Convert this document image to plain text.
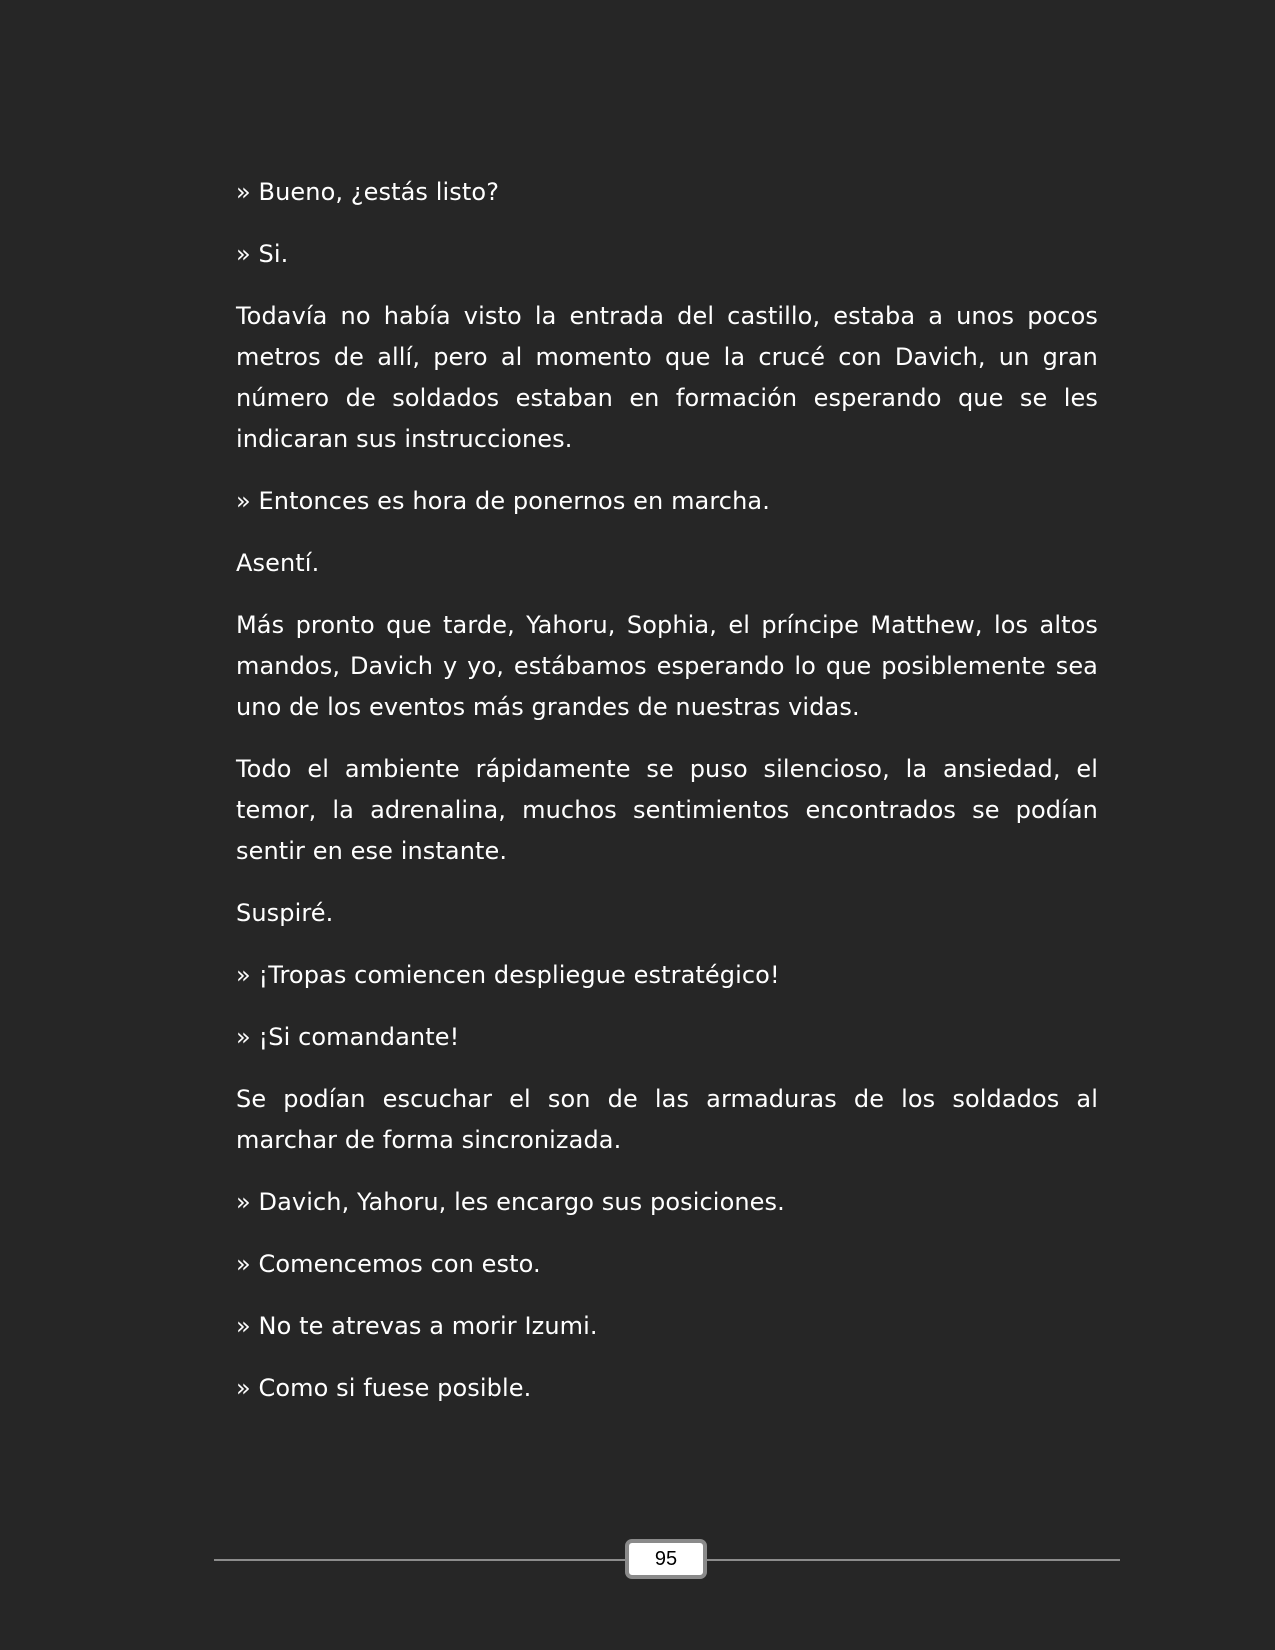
» Bueno, ¿estás listo?

» Si.

Todavía no había visto la entrada del castillo, estaba a unos pocos metros de allí, pero al momento que la crucé con Davich, un gran número de soldados estaban en formación esperando que se les indicaran sus instrucciones.

» Entonces es hora de ponernos en marcha.

Asentí.

Más pronto que tarde, Yahoru, Sophia, el príncipe Matthew, los altos mandos, Davich y yo, estábamos esperando lo que posiblemente sea uno de los eventos más grandes de nuestras vidas.

Todo el ambiente rápidamente se puso silencioso, la ansiedad, el temor, la adrenalina, muchos sentimientos encontrados se podían sentir en ese instante.

Suspiré.

» ¡Tropas comiencen despliegue estratégico!

» ¡Si comandante!

Se podían escuchar el son de las armaduras de los soldados al marchar de forma sincronizada.

» Davich, Yahoru, les encargo sus posiciones.

» Comencemos con esto.

» No te atrevas a morir Izumi.

» Como si fuese posible.

95
